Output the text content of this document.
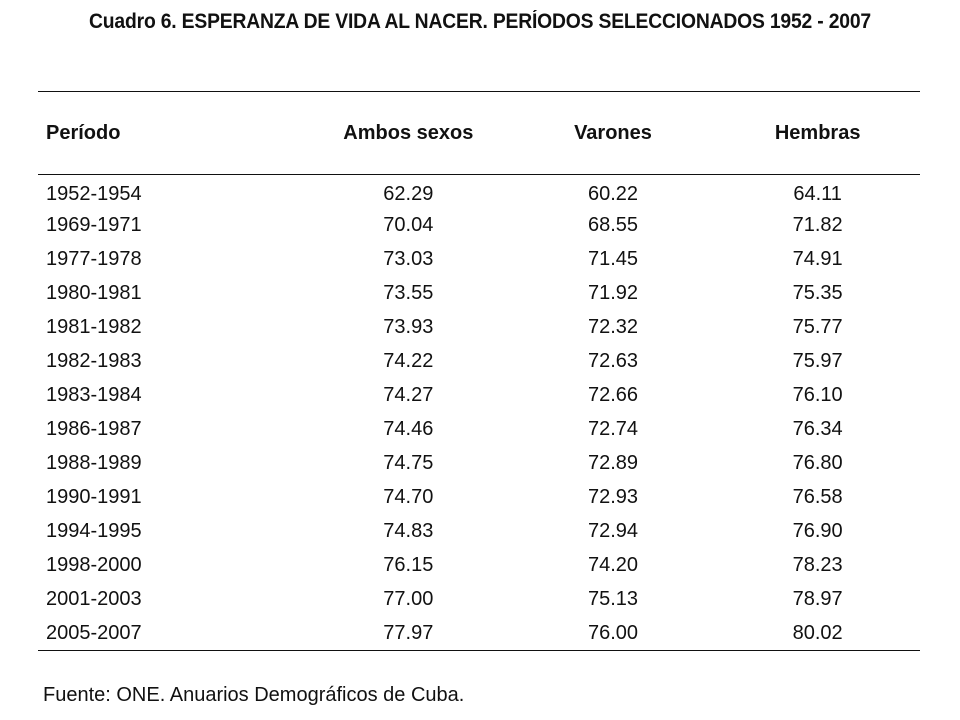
Cuadro 6. ESPERANZA DE VIDA AL NACER. PERÍODOS SELECCIONADOS 1952 - 2007
Período	Ambos sexos	Varones	Hembras
1952-1954	62.29	60.22	64.11
1969-1971	70.04	68.55	71.82
1977-1978	73.03	71.45	74.91
1980-1981	73.55	71.92	75.35
1981-1982	73.93	72.32	75.77
1982-1983	74.22	72.63	75.97
1983-1984	74.27	72.66	76.10
1986-1987	74.46	72.74	76.34
1988-1989	74.75	72.89	76.80
1990-1991	74.70	72.93	76.58
1994-1995	74.83	72.94	76.90
1998-2000	76.15	74.20	78.23
2001-2003	77.00	75.13	78.97
2005-2007	77.97	76.00	80.02
Fuente: ONE. Anuarios Demográficos de Cuba.
